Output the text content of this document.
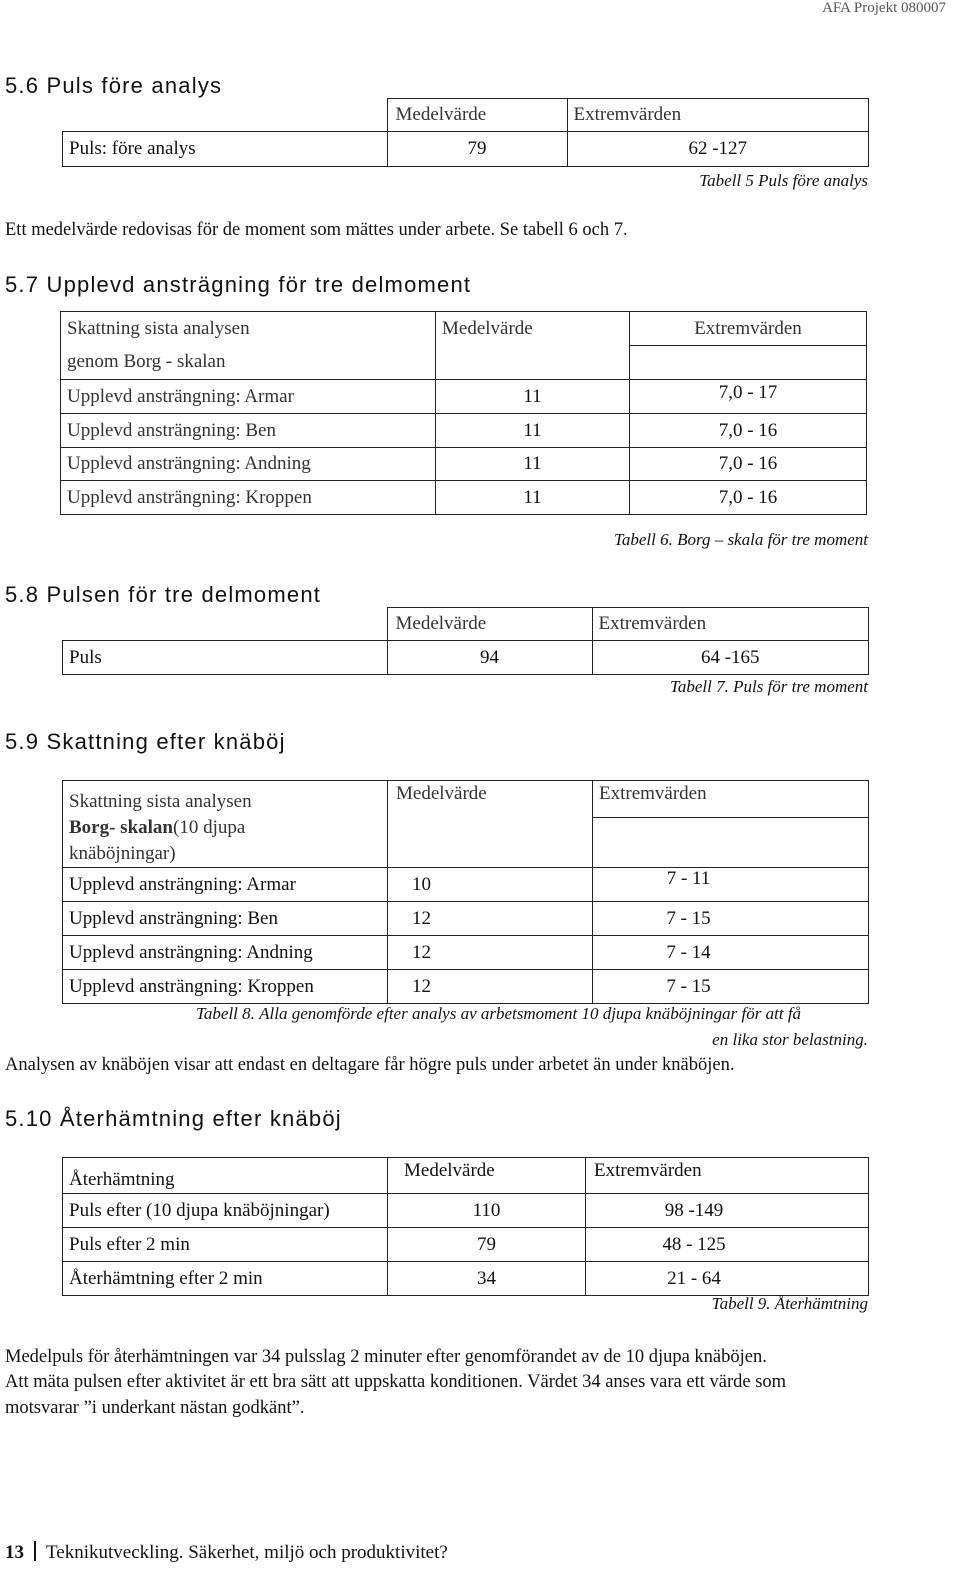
AFA Projekt 080007
5.6 Puls före analys
	Medelvärde	Extremvärden
Puls: före analys	79	62 -127
Tabell 5 Puls före analys
Ett medelvärde redovisas för de moment som mättes under arbete. Se tabell 6 och 7.
5.7 Upplevd ansträgning för tre delmoment
Skattning sista analysen	Medelvärde	Extremvärden
genom Borg - skalan		
Upplevd ansträngning: Armar	11	7,0 - 17
Upplevd ansträngning: Ben	11	7,0 - 16
Upplevd ansträngning: Andning	11	7,0 - 16
Upplevd ansträngning: Kroppen	11	7,0 - 16
Tabell 6. Borg – skala för tre moment
5.8 Pulsen för tre delmoment
	Medelvärde	Extremvärden
Puls	94	64 -165
Tabell 7. Puls för tre moment
5.9 Skattning efter knäböj
Skattning sista analysen
Borg- skalan(10 djupa
knäböjningar)	Medelvärde	Extremvärden

Upplevd ansträngning: Armar	10	7 - 11
Upplevd ansträngning: Ben	12	7 - 15
Upplevd ansträngning: Andning	12	7 - 14
Upplevd ansträngning: Kroppen	12	7 - 15
Tabell 8. Alla genomförde efter analys av arbetsmoment 10 djupa knäböjningar för att få
en lika stor belastning.
Analysen av knäböjen visar att endast en deltagare får högre puls under arbetet än under knäböjen.
5.10 Återhämtning efter knäböj
Återhämtning	Medelvärde	Extremvärden
Puls efter (10 djupa knäböjningar)	110	98 -149
Puls efter 2 min	79	48 - 125
Återhämtning efter 2 min	34	21 - 64
Tabell 9. Återhämtning
Medelpuls för återhämtningen var 34 pulsslag 2 minuter efter genomförandet av de 10 djupa knäböjen.
Att mäta pulsen efter aktivitet är ett bra sätt att uppskatta konditionen. Värdet 34 anses vara ett värde som
motsvarar ”i underkant nästan godkänt”.
13 Teknikutveckling. Säkerhet, miljö och produktivitet?
